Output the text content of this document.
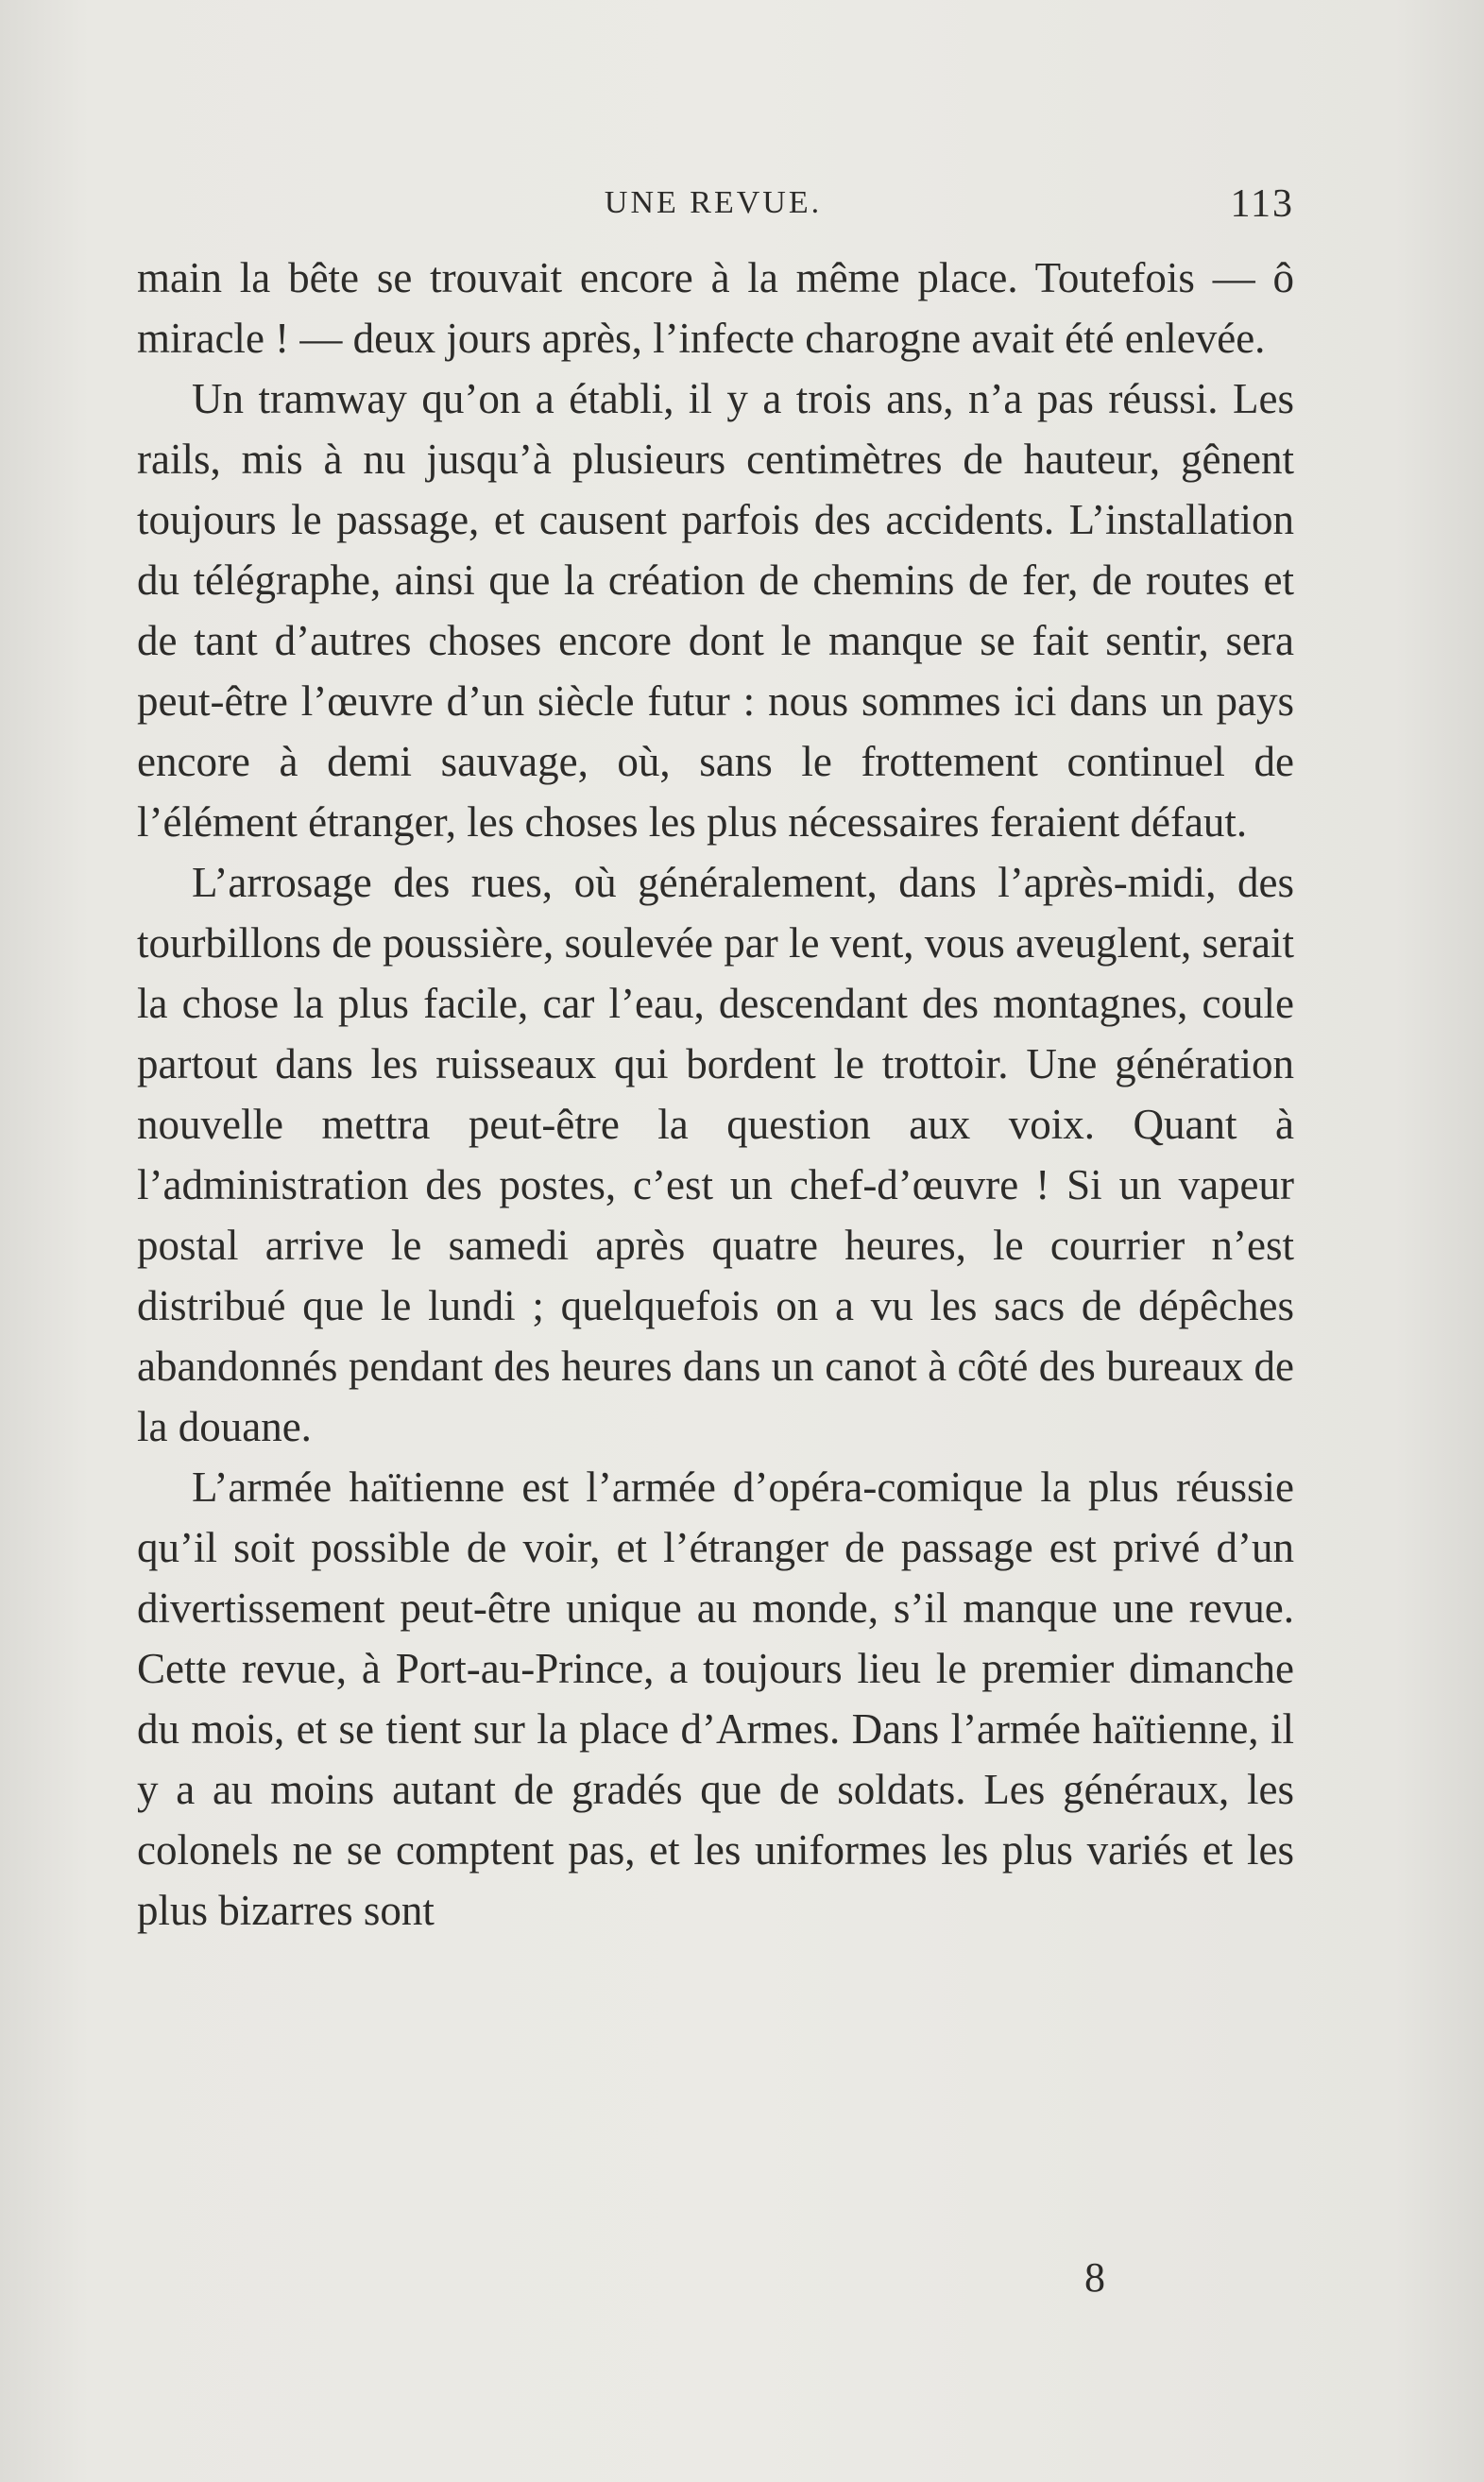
UNE REVUE.	113

main la bête se trouvait encore à la même place. Toutefois — ô miracle ! — deux jours après, l’infecte charogne avait été enlevée.

Un tramway qu’on a établi, il y a trois ans, n’a pas réussi. Les rails, mis à nu jusqu’à plusieurs centimètres de hauteur, gênent toujours le passage, et causent parfois des accidents. L’installation du télégraphe, ainsi que la création de chemins de fer, de routes et de tant d’autres choses encore dont le manque se fait sentir, sera peut-être l’œuvre d’un siècle futur : nous sommes ici dans un pays encore à demi sauvage, où, sans le frottement continuel de l’élément étranger, les choses les plus nécessaires feraient défaut.

L’arrosage des rues, où généralement, dans l’après-midi, des tourbillons de poussière, soulevée par le vent, vous aveuglent, serait la chose la plus facile, car l’eau, descendant des montagnes, coule partout dans les ruisseaux qui bordent le trottoir. Une génération nouvelle mettra peut-être la question aux voix. Quant à l’administration des postes, c’est un chef-d’œuvre ! Si un vapeur postal arrive le samedi après quatre heures, le courrier n’est distribué que le lundi ; quelquefois on a vu les sacs de dépêches abandonnés pendant des heures dans un canot à côté des bureaux de la douane.

L’armée haïtienne est l’armée d’opéra-comique la plus réussie qu’il soit possible de voir, et l’étranger de passage est privé d’un divertissement peut-être unique au monde, s’il manque une revue. Cette revue, à Port-au-Prince, a toujours lieu le premier dimanche du mois, et se tient sur la place d’Armes. Dans l’armée haïtienne, il y a au moins autant de gradés que de soldats. Les généraux, les colonels ne se comptent pas, et les uniformes les plus variés et les plus bizarres sont

8
